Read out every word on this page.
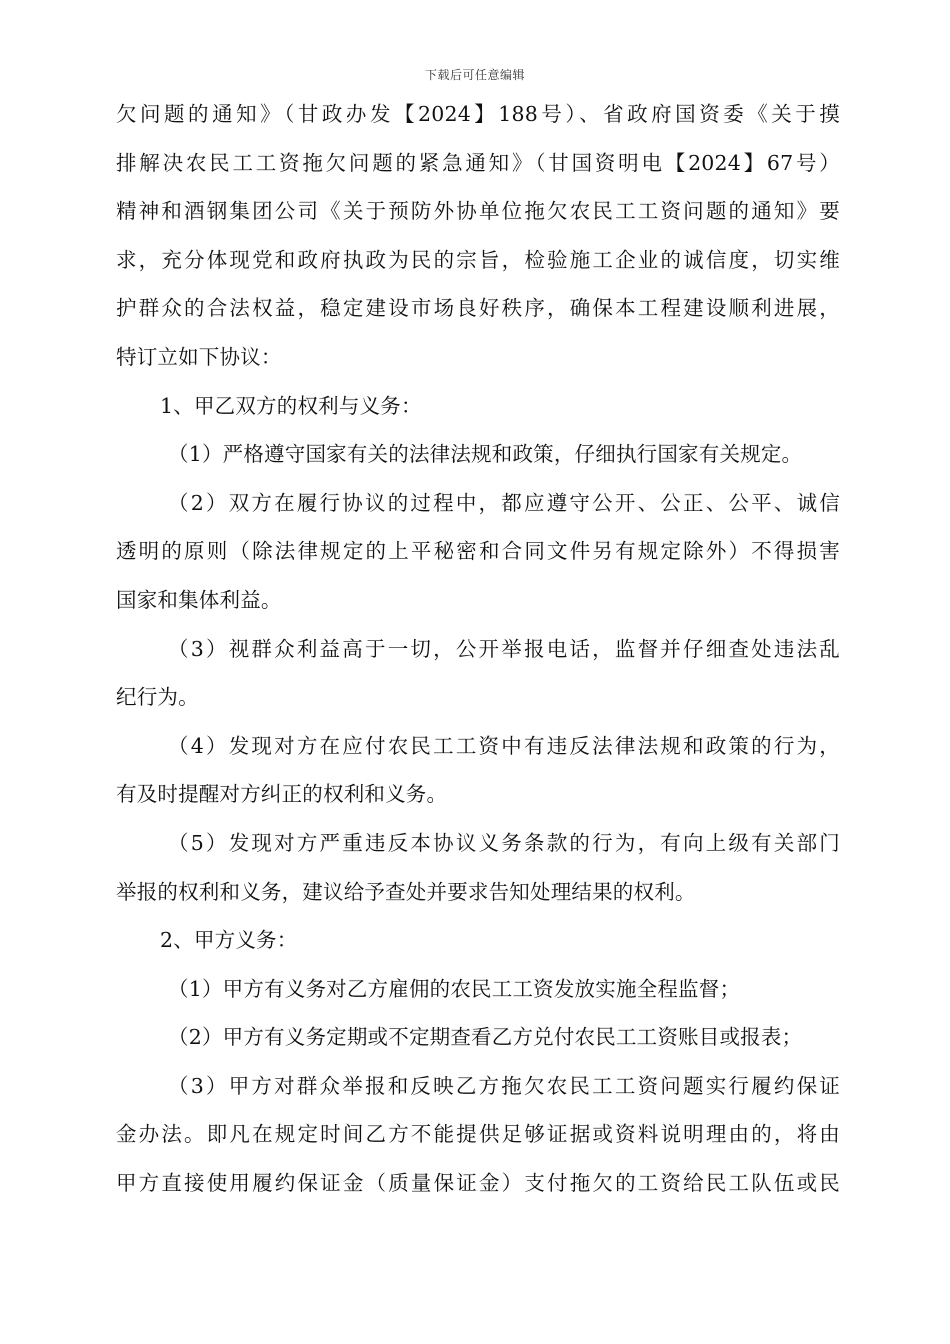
下载后可任意编辑
欠问题的通知》（甘政办发【2024】188号）、省政府国资委《关于摸
排解决农民工工资拖欠问题的紧急通知》（甘国资明电【2024】67号）
精神和酒钢集团公司《关于预防外协单位拖欠农民工工资问题的通知》要
求，充分体现党和政府执政为民的宗旨，检验施工企业的诚信度，切实维
护群众的合法权益，稳定建设市场良好秩序，确保本工程建设顺利进展，
特订立如下协议：
1、甲乙双方的权利与义务：
（1）严格遵守国家有关的法律法规和政策，仔细执行国家有关规定。
（2）双方在履行协议的过程中，都应遵守公开、公正、公平、诚信
透明的原则（除法律规定的上平秘密和合同文件另有规定除外）不得损害
国家和集体利益。
（3）视群众利益高于一切，公开举报电话，监督并仔细查处违法乱
纪行为。
（4）发现对方在应付农民工工资中有违反法律法规和政策的行为，
有及时提醒对方纠正的权利和义务。
（5）发现对方严重违反本协议义务条款的行为，有向上级有关部门
举报的权利和义务，建议给予查处并要求告知处理结果的权利。
2、甲方义务：
（1）甲方有义务对乙方雇佣的农民工工资发放实施全程监督；
（2）甲方有义务定期或不定期查看乙方兑付农民工工资账目或报表；
（3）甲方对群众举报和反映乙方拖欠农民工工资问题实行履约保证
金办法。即凡在规定时间乙方不能提供足够证据或资料说明理由的，将由
甲方直接使用履约保证金（质量保证金）支付拖欠的工资给民工队伍或民
